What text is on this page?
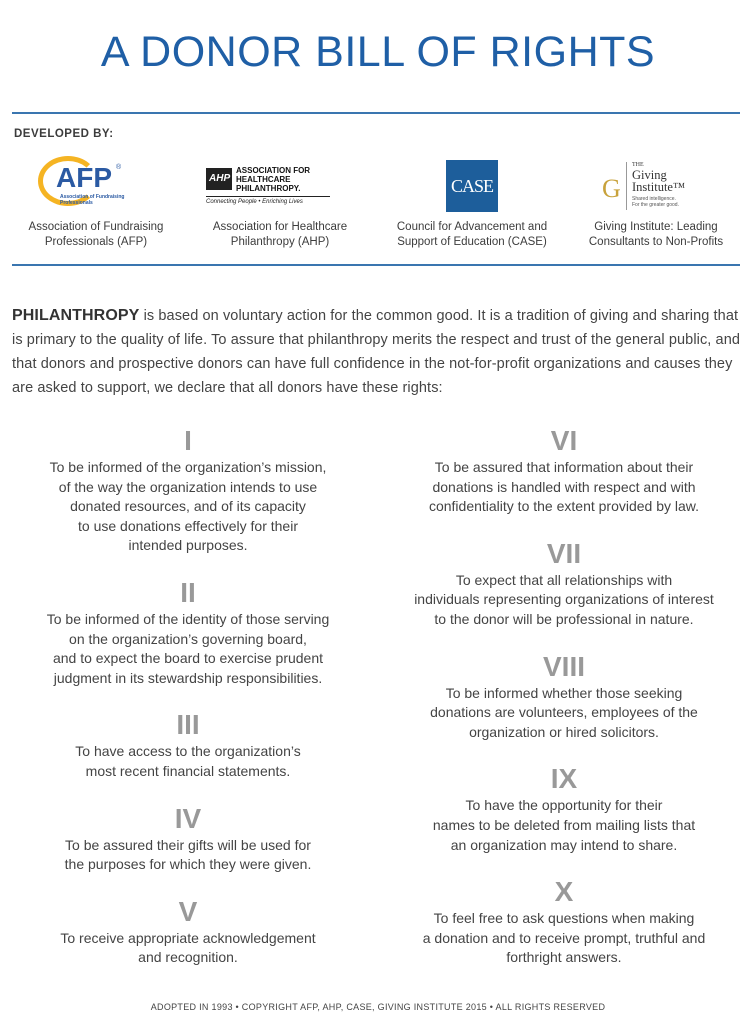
A DONOR BILL OF RIGHTS
DEVELOPED BY:
AFP ®
Association of Fundraising Professionals
Association of Fundraising
Professionals (AFP)
AHP
ASSOCIATION FOR
HEALTHCARE
PHILANTHROPY.
Connecting People • Enriching Lives
Association for Healthcare
Philanthropy (AHP)
CASE
Council for Advancement and
Support of Education (CASE)
G
THE
Giving
Institute™
Shared intelligence.
For the greater good.
Giving Institute: Leading
Consultants to Non-Profits
PHILANTHROPY is based on voluntary action for the common good. It is a tradition of giving and sharing that is primary to the quality of life. To assure that philanthropy merits the respect and trust of the general public, and that donors and prospective donors can have full confidence in the not-for-profit organizations and causes they are asked to support, we declare that all donors have these rights:
I
To be informed of the organization’s mission,
of the way the organization intends to use
donated resources, and of its capacity
to use donations effectively for their
intended purposes.
II
To be informed of the identity of those serving
on the organization’s governing board,
and to expect the board to exercise prudent
judgment in its stewardship responsibilities.
III
To have access to the organization’s
most recent financial statements.
IV
To be assured their gifts will be used for
the purposes for which they were given.
V
To receive appropriate acknowledgement
and recognition.
VI
To be assured that information about their
donations is handled with respect and with
confidentiality to the extent provided by law.
VII
To expect that all relationships with
individuals representing organizations of interest
to the donor will be professional in nature.
VIII
To be informed whether those seeking
donations are volunteers, employees of the
organization or hired solicitors.
IX
To have the opportunity for their
names to be deleted from mailing lists that
an organization may intend to share.
X
To feel free to ask questions when making
a donation and to receive prompt, truthful and
forthright answers.
ADOPTED IN 1993 • COPYRIGHT AFP, AHP, CASE, GIVING INSTITUTE 2015 • ALL RIGHTS RESERVED
